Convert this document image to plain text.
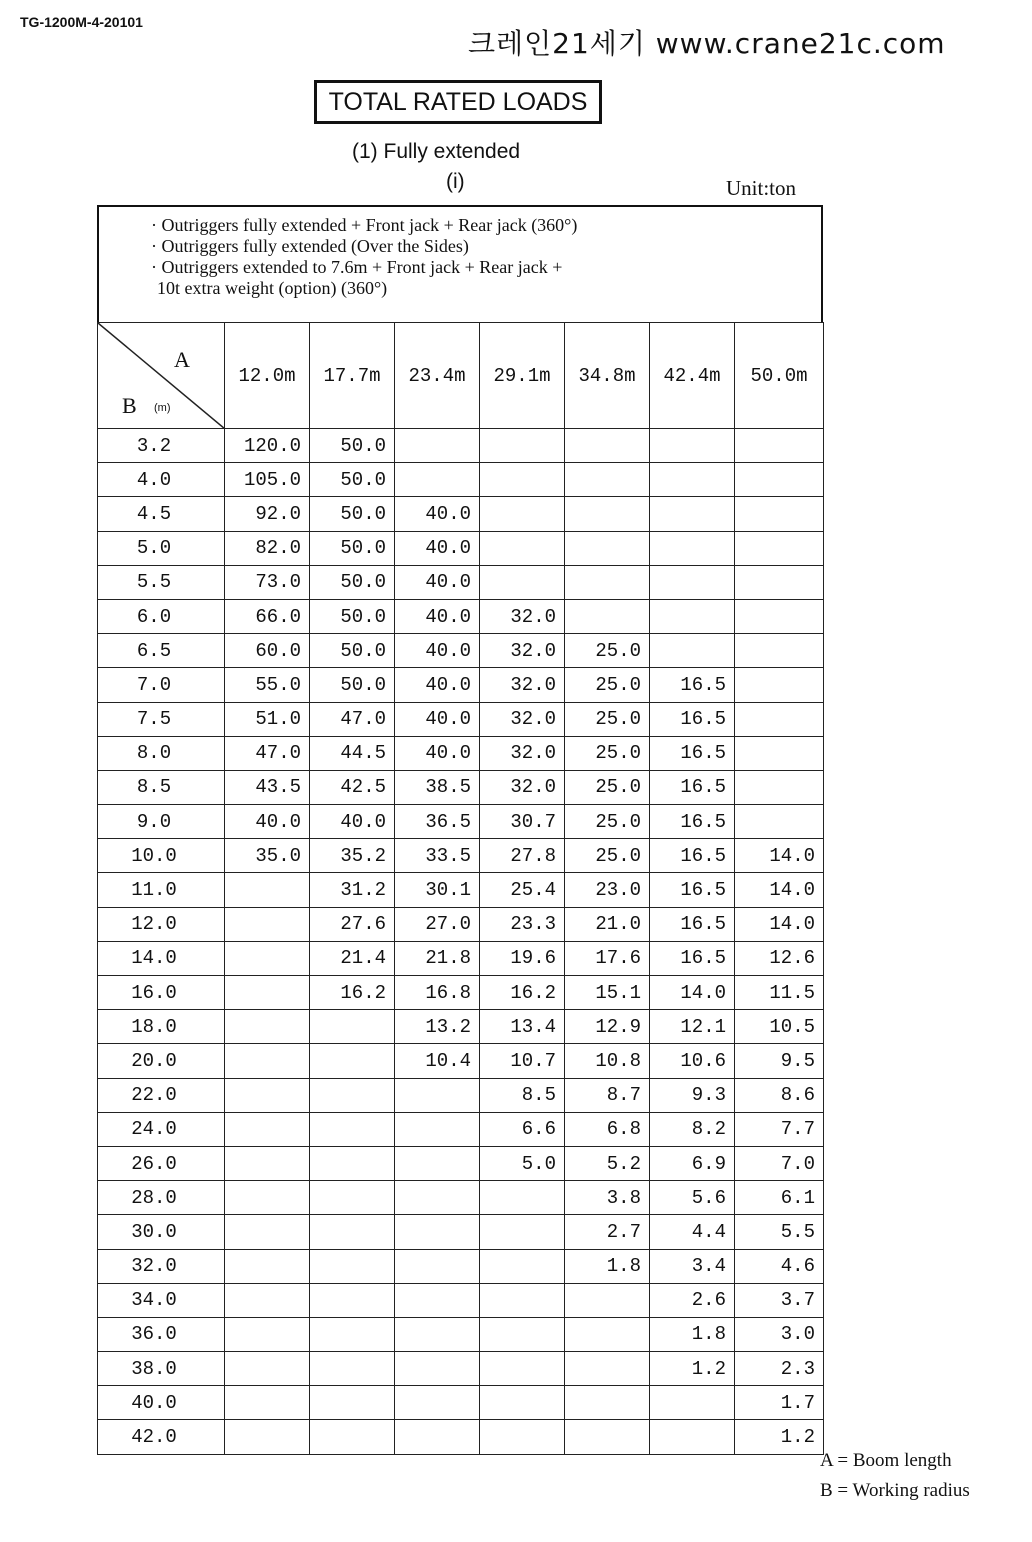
TG-1200M-4-20101
크레인21세기 www.crane21c.com
TOTAL RATED LOADS
(1) Fully extended
(i)	Unit:ton
· Outriggers fully extended + Front jack + Rear jack (360°)
· Outriggers fully extended (Over the Sides)
· Outriggers extended to 7.6m + Front jack + Rear jack +
10t extra weight (option) (360°)
A
B (m)	12.0m	17.7m	23.4m	29.1m	34.8m	42.4m	50.0m
3.2	120.0	50.0					
4.0	105.0	50.0					
4.5	92.0	50.0	40.0				
5.0	82.0	50.0	40.0				
5.5	73.0	50.0	40.0				
6.0	66.0	50.0	40.0	32.0			
6.5	60.0	50.0	40.0	32.0	25.0		
7.0	55.0	50.0	40.0	32.0	25.0	16.5	
7.5	51.0	47.0	40.0	32.0	25.0	16.5	
8.0	47.0	44.5	40.0	32.0	25.0	16.5	
8.5	43.5	42.5	38.5	32.0	25.0	16.5	
9.0	40.0	40.0	36.5	30.7	25.0	16.5	
10.0	35.0	35.2	33.5	27.8	25.0	16.5	14.0
11.0		31.2	30.1	25.4	23.0	16.5	14.0
12.0		27.6	27.0	23.3	21.0	16.5	14.0
14.0		21.4	21.8	19.6	17.6	16.5	12.6
16.0		16.2	16.8	16.2	15.1	14.0	11.5
18.0			13.2	13.4	12.9	12.1	10.5
20.0			10.4	10.7	10.8	10.6	9.5
22.0				8.5	8.7	9.3	8.6
24.0				6.6	6.8	8.2	7.7
26.0				5.0	5.2	6.9	7.0
28.0					3.8	5.6	6.1
30.0					2.7	4.4	5.5
32.0					1.8	3.4	4.6
34.0						2.6	3.7
36.0						1.8	3.0
38.0						1.2	2.3
40.0							1.7
42.0							1.2
A = Boom length
B = Working radius
